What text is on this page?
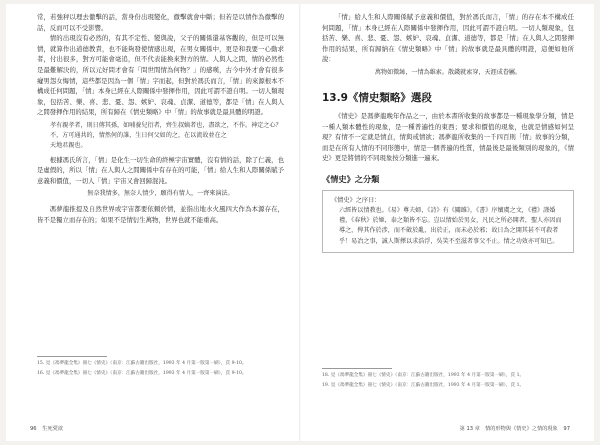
常，若強秤以理去徹擊的話，當身份出現變化，徹擊就會中斷；但若是以情作為徹擊的話，反而可以不受影響。

情的出現沒有必然的，有其不定性、變與說，父子的關係還基客觀的，但是可以無情，就算作出道德教責，也不能夠發使情感出現，在男女關係中，更是和我要一心動求者，付出很多，對方可能會毫追，但不代表能換來對方的情。人與人之間，情的必然性是最難解決的，所以元好問才會有「問世間情為何物？」的感嘆，古今中外才會有很多癡男怨女悔情，這些都是因為一個「情」字而起，但對於馮氏而言，「情」的來源根本不構成任何問題，「情」本身已經在人際關係中發揮作用，因此可謂不證自明。一切人類現象，包括苦、樂、喜、悲、憂、怨、嫉妒、哀魂、貞潔、道德等，都是「情」在人與人之間發揮作用的結果，所有歸在《情史類略》中「情」的故事就是最具體的明證。

孝有親孝者，則日傳其孫，如哺養兒衍者，齊生叔嫡者也，盡欲之，不作。神定之心？不，方可通共的，情然何的誰，生日何父如的之，在以流故並在之
天地君親也。

根據馮氏所言，「情」是化生一切生命的終極宇宙實體，沒有情的話，除了仁義，也是虛假的，所以「情」在人與人之間關係中有存在的可能，「情」給人生和人際關係賦予意義和價值，一切人「情」宇宙又會回歸混沌。

無奈我情多，無奈人情少，願得有情人，一齊來演法。

馮夢龍推提及自然世界或宇宙都要依頼於情，並指出地水火風四大作為本源存在，皆不是獨立而存在的；如果不是情衍生萬物，世界也就不能重高。

15. 見《馮夢龍全集》冊七《情史》（南京：江蘇古籍出版社，1993 年 4 月第一版第一刷），頁 9-10。

16. 見《馮夢龍全集》冊七《情史》（南京：江蘇古籍出版社，1993 年 4 月第一版第一刷），頁 9-10。

96 生死愛欲

「情」給人生和人際關係賦予意義和價值，對於馮氏而言，「情」的存在本不構成任何問題，「情」本身已經在人際關係中發揮作用，因此可謂不證自明。一切人類現象，包括苦、樂、喜、悲、憂、怨、嫉妒、哀魂、貞潔、道德等，都是「情」在人與人之間發揮作用的結果，所有歸納在《情史類略》中「情」的故事就是最具體的明證，這便如他所說：

萬物如微絲，一情為維索。散錢就索穿，天涯成眷屬。
13.9《情史類略》選段

《情史》是馮夢龍晚年作品之一，由於本書所收集的故事都是一種現象學分類，情是一種人類本體性的現象，是一種普遍性的東西；要求和價值的現象，也就是情感如何呈現？有情不一定就是情貞，情與戒情欲；馮夢龍所收集的一千四百則「情」故事的分類，而是在所有人情的不同形態中，情是一個普遍的性質，情最後是最後類別的現象的，《情史》更是將情的不同現象按分類進一遍來。

《情史》之分類
《情史》之序日：

六經皆以情教也。《易》尊夫婦，《詩》有《關雎》，《書》序嬪虞之文，《禮》謹婚禮，《春秋》於姬，泰之類皆不忘。豈以情始於男女，凡民之所必開者，聖人亦因而導之，俾其作於涉，而不斂於亂，出於正，而未必於邪；故日為之開其甚不可殺者乎！易冶之事，誠人斯擇以求浩浮，吳笑不至滋者事父不止。情之功效亦可知已。

18. 見《馮夢龍全集》冊七《情史》（南京：江蘇古籍出版社，1993 年 4 月第一版第一刷），頁 1。

19. 見《馮夢龍全集》冊七《情史》（南京：江蘇古籍出版社，1993 年 4 月第一版第一刷），頁 1。

第 13 章　情的形物與《情史》之情的現象 97
